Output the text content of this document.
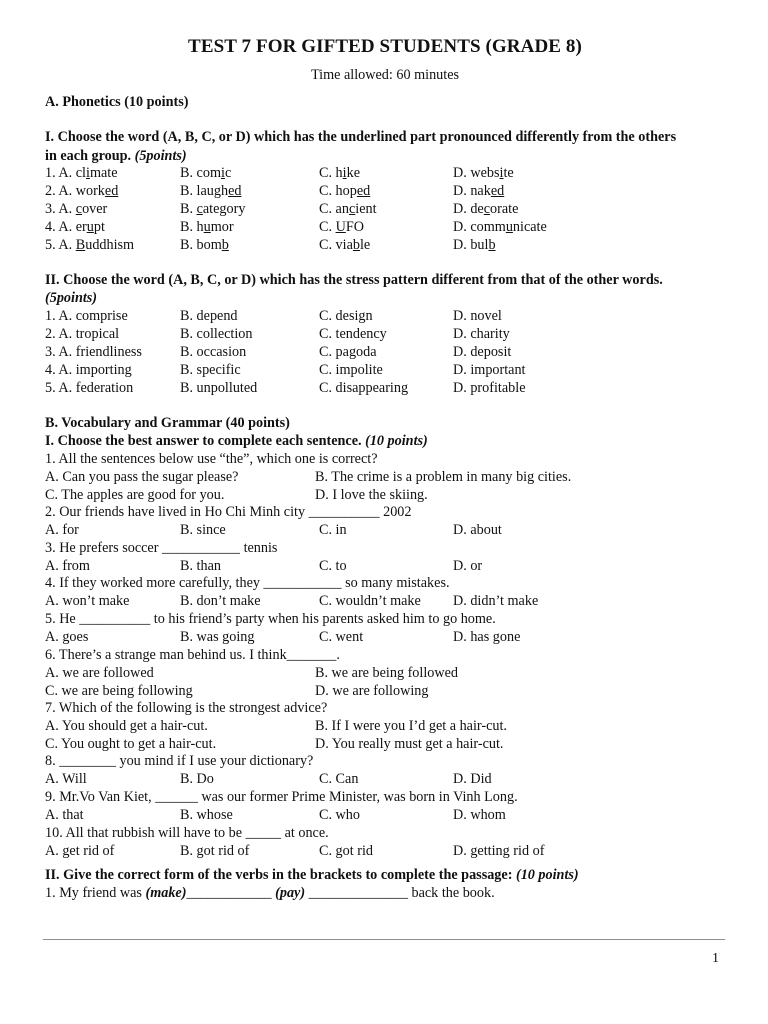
TEST 7 FOR GIFTED STUDENTS (GRADE 8)
Time allowed: 60 minutes
A. Phonetics (10 points)
I. Choose the word (A, B, C, or D) which has the underlined part pronounced differently from the others
in each group. (5points)
1. A. climate	B. comic	C. hike	D. website
2. A. worked	B. laughed	C. hoped	D. naked
3. A. cover	B. category	C. ancient	D. decorate
4. A. erupt	B. humor	C. UFO	D. communicate
5. A. Buddhism	B. bomb	C. viable	D. bulb
II. Choose the word (A, B, C, or D) which has the stress pattern different from that of the other words.
(5points)
1. A. comprise	B. depend	C. design	D. novel
2. A. tropical	B. collection	C. tendency	D. charity
3. A. friendliness	B. occasion	C. pagoda	D. deposit
4. A. importing	B. specific	C. impolite	D. important
5. A. federation	B. unpolluted	C. disappearing	D. profitable
B. Vocabulary and Grammar (40 points)
I. Choose the best answer to complete each sentence. (10 points)
1. All the sentences below use “the”, which one is correct?
A. Can you pass the sugar please?	B. The crime is a problem in many big cities.
C. The apples are good for you.	D. I love the skiing.
2. Our friends have lived in Ho Chi Minh city __________ 2002
A. for	B. since	C. in	D. about
3. He prefers soccer ___________ tennis
A. from	B. than	C. to	D. or
4. If they worked more carefully, they ___________ so many mistakes.
A. won’t make	B. don’t make	C. wouldn’t make D. didn’t make
5. He __________ to his friend’s party when his parents asked him to go home.
A. goes	B. was going	C. went	D. has gone
6. There’s a strange man behind us. I think_______.
A. we are followed	B. we are being followed
C. we are being following	D. we are following
7. Which of the following is the strongest advice?
A. You should get a hair-cut.	B. If I were you I’d get a hair-cut.
C. You ought to get a hair-cut.	D. You really must get a hair-cut.
8. ________ you mind if I use your dictionary?
A. Will	B. Do	C. Can	D. Did
9. Mr.Vo Van Kiet, ______ was our former Prime Minister, was born in Vinh Long.
A. that	B. whose	C. who	D. whom
10. All that rubbish will have to be _____ at once.
A. get rid of	B. got rid of	C. got rid	D. getting rid of
II. Give the correct form of the verbs in the brackets to complete the passage: (10 points)
1. My friend was (make)____________ (pay) ______________ back the book.
1
